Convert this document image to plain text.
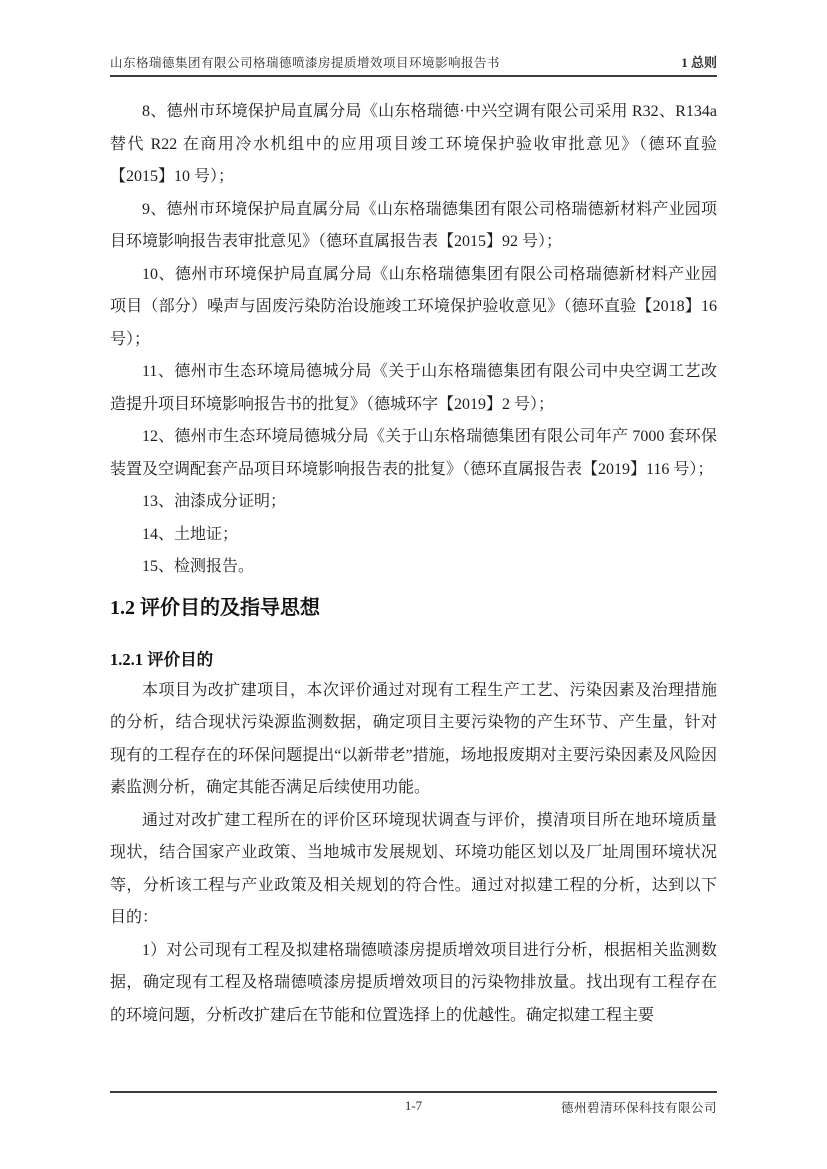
山东格瑞德集团有限公司格瑞德喷漆房提质增效项目环境影响报告书	1 总则

8、德州市环境保护局直属分局《山东格瑞德·中兴空调有限公司采用 R32、R134a 替代 R22 在商用冷水机组中的应用项目竣工环境保护验收审批意见》（德环直验【2015】10 号）；

9、德州市环境保护局直属分局《山东格瑞德集团有限公司格瑞德新材料产业园项目环境影响报告表审批意见》（德环直属报告表【2015】92 号）；

10、德州市环境保护局直属分局《山东格瑞德集团有限公司格瑞德新材料产业园项目（部分）噪声与固废污染防治设施竣工环境保护验收意见》（德环直验【2018】16 号）；

11、德州市生态环境局德城分局《关于山东格瑞德集团有限公司中央空调工艺改造提升项目环境影响报告书的批复》（德城环字【2019】2 号）；

12、德州市生态环境局德城分局《关于山东格瑞德集团有限公司年产 7000 套环保装置及空调配套产品项目环境影响报告表的批复》（德环直属报告表【2019】116 号）；

13、油漆成分证明；

14、土地证；

15、检测报告。

1.2 评价目的及指导思想
1.2.1 评价目的

本项目为改扩建项目，本次评价通过对现有工程生产工艺、污染因素及治理措施的分析，结合现状污染源监测数据，确定项目主要污染物的产生环节、产生量，针对现有的工程存在的环保问题提出“以新带老”措施，场地报废期对主要污染因素及风险因素监测分析，确定其能否满足后续使用功能。

通过对改扩建工程所在的评价区环境现状调查与评价，摸清项目所在地环境质量现状，结合国家产业政策、当地城市发展规划、环境功能区划以及厂址周围环境状况等，分析该工程与产业政策及相关规划的符合性。通过对拟建工程的分析，达到以下目的：

1）对公司现有工程及拟建格瑞德喷漆房提质增效项目进行分析，根据相关监测数据，确定现有工程及格瑞德喷漆房提质增效项目的污染物排放量。找出现有工程存在的环境问题，分析改扩建后在节能和位置选择上的优越性。确定拟建工程主要

1-7	德州碧清环保科技有限公司
